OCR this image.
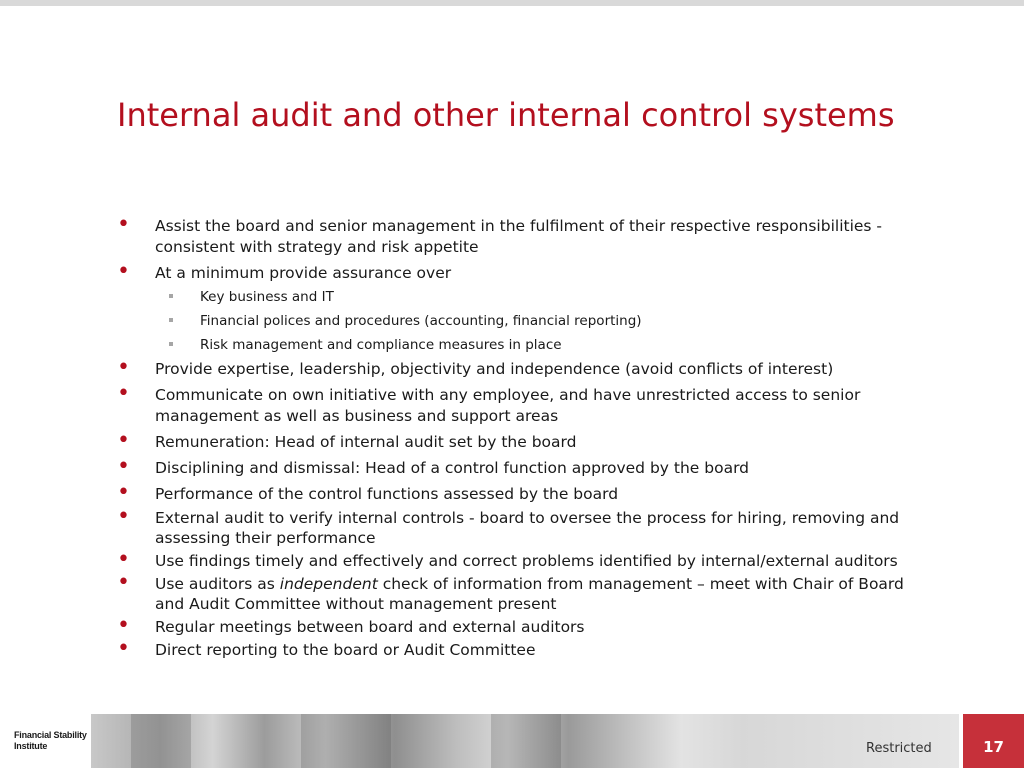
Internal audit and other internal control systems
• Assist the board and senior management in the fulfilment of their respective responsibilities - consistent with strategy and risk appetite
• At a minimum provide assurance over
Key business and IT
Financial polices and procedures (accounting, financial reporting)
Risk management and compliance measures in place
• Provide expertise, leadership, objectivity and independence (avoid conflicts of interest)
• Communicate on own initiative with any employee, and have unrestricted access to senior management as well as business and support areas
• Remuneration: Head of internal audit set by the board
• Disciplining and dismissal: Head of a control function approved by the board
• Performance of the control functions assessed by the board
• External audit to verify internal controls - board to oversee the process for hiring, removing and assessing their performance
• Use findings timely and effectively and correct problems identified by internal/external auditors
• Use auditors as independent check of information from management – meet with Chair of Board and Audit Committee without management present
• Regular meetings between board and external auditors
• Direct reporting to the board or Audit Committee
Financial Stability
Institute	Restricted	17
